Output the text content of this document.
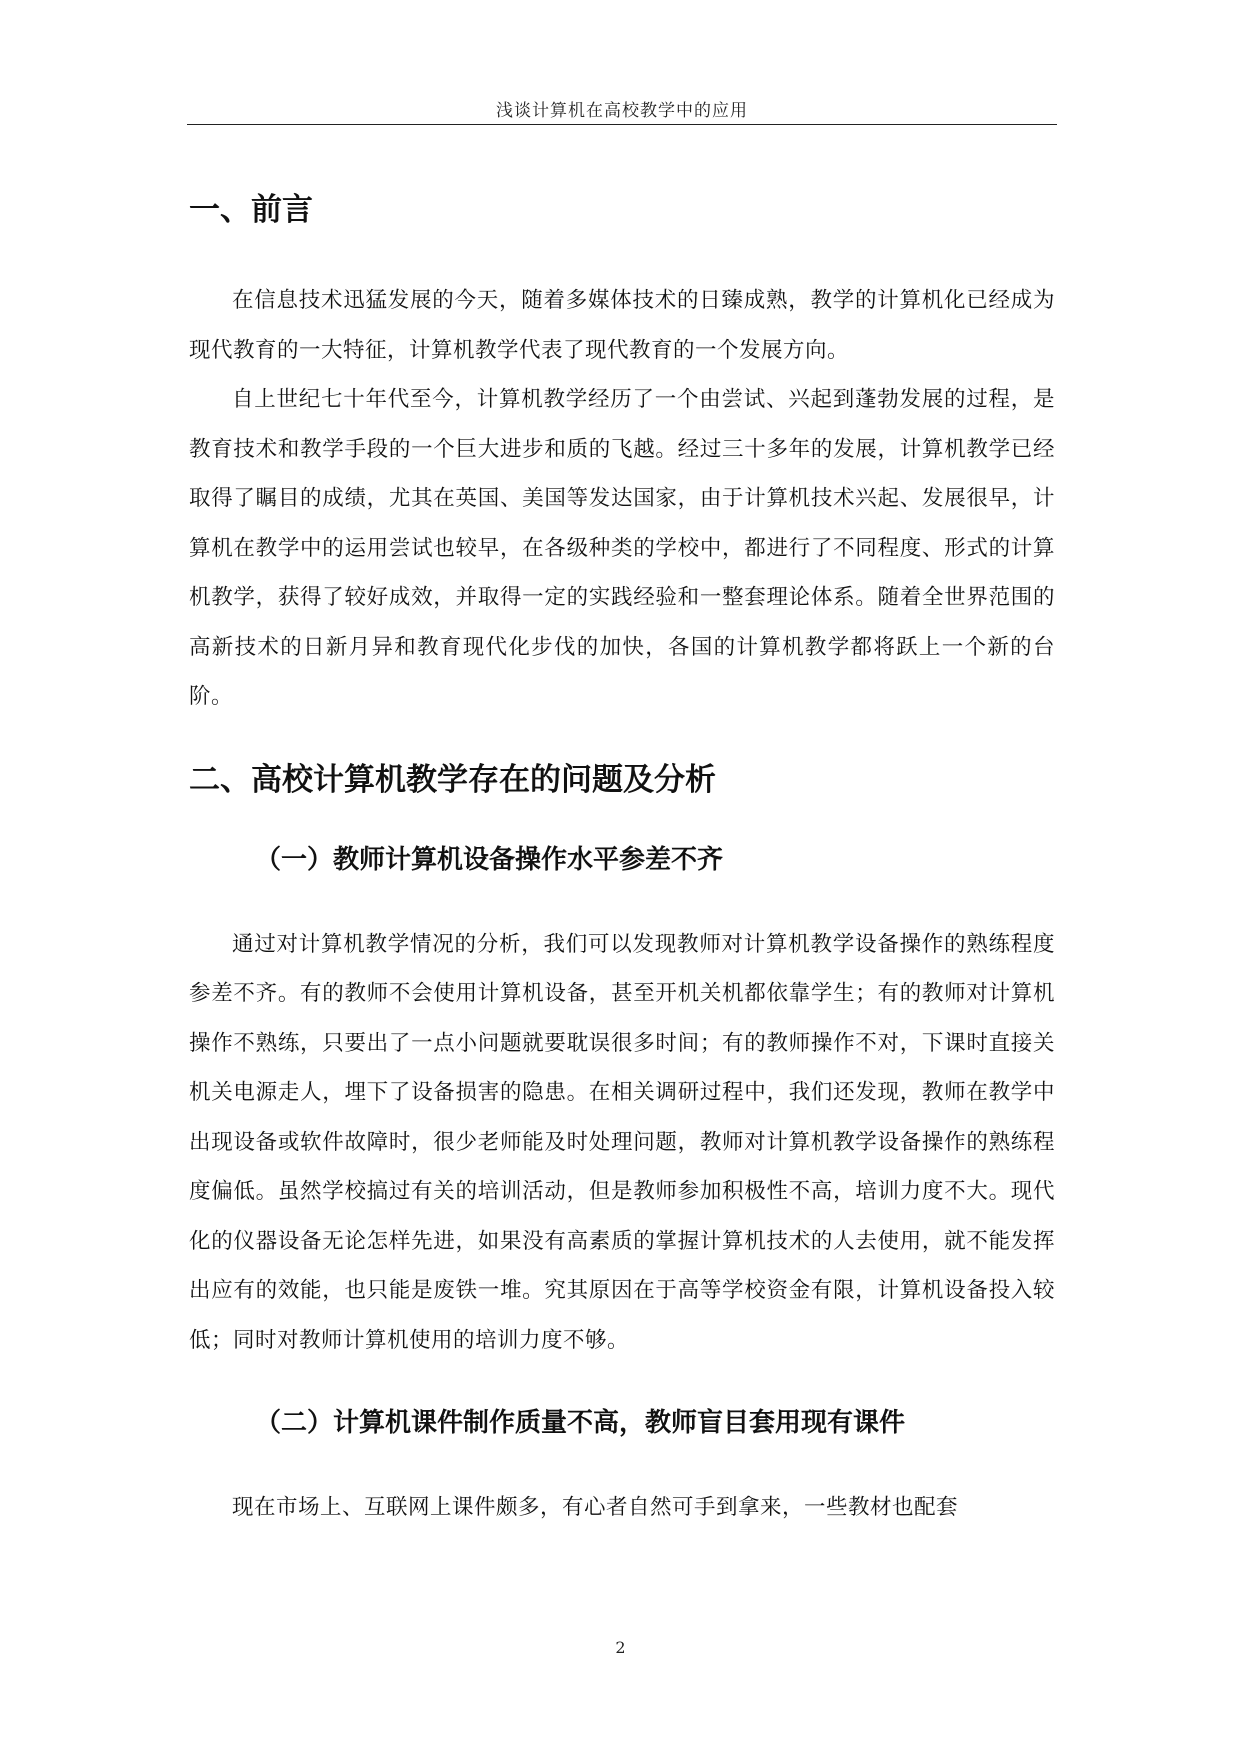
浅谈计算机在高校教学中的应用
一、前言

在信息技术迅猛发展的今天，随着多媒体技术的日臻成熟，教学的计算机化已经成为现代教育的一大特征，计算机教学代表了现代教育的一个发展方向。

自上世纪七十年代至今，计算机教学经历了一个由尝试、兴起到蓬勃发展的过程，是教育技术和教学手段的一个巨大进步和质的飞越。经过三十多年的发展，计算机教学已经取得了瞩目的成绩，尤其在英国、美国等发达国家，由于计算机技术兴起、发展很早，计算机在教学中的运用尝试也较早，在各级种类的学校中，都进行了不同程度、形式的计算机教学，获得了较好成效，并取得一定的实践经验和一整套理论体系。随着全世界范围的高新技术的日新月异和教育现代化步伐的加快，各国的计算机教学都将跃上一个新的台阶。

二、高校计算机教学存在的问题及分析
（一）教师计算机设备操作水平参差不齐

通过对计算机教学情况的分析，我们可以发现教师对计算机教学设备操作的熟练程度参差不齐。有的教师不会使用计算机设备，甚至开机关机都依靠学生；有的教师对计算机操作不熟练，只要出了一点小问题就要耽误很多时间；有的教师操作不对，下课时直接关机关电源走人，埋下了设备损害的隐患。在相关调研过程中，我们还发现，教师在教学中出现设备或软件故障时，很少老师能及时处理问题，教师对计算机教学设备操作的熟练程度偏低。虽然学校搞过有关的培训活动，但是教师参加积极性不高，培训力度不大。现代化的仪器设备无论怎样先进，如果没有高素质的掌握计算机技术的人去使用，就不能发挥出应有的效能，也只能是废铁一堆。究其原因在于高等学校资金有限，计算机设备投入较低；同时对教师计算机使用的培训力度不够。

（二）计算机课件制作质量不高，教师盲目套用现有课件

现在市场上、互联网上课件颇多，有心者自然可手到拿来，一些教材也配套

2
